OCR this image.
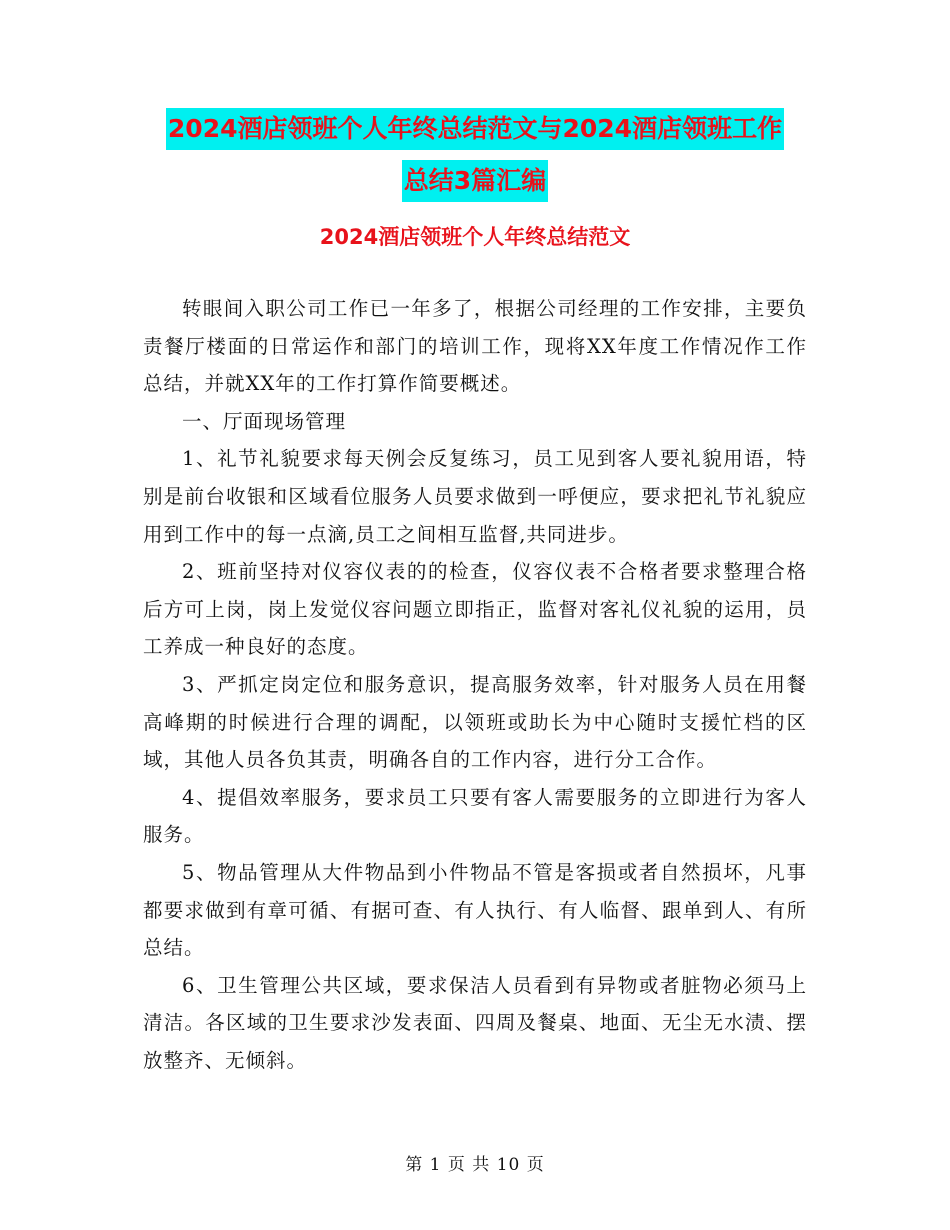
2024酒店领班个人年终总结范文与2024酒店领班工作
总结3篇汇编
2024酒店领班个人年终总结范文

转眼间入职公司工作已一年多了，根据公司经理的工作安排，主要负责餐厅楼面的日常运作和部门的培训工作，现将XX年度工作情况作工作总结，并就XX年的工作打算作简要概述。

一、厅面现场管理

1、礼节礼貌要求每天例会反复练习，员工见到客人要礼貌用语，特别是前台收银和区域看位服务人员要求做到一呼便应，要求把礼节礼貌应用到工作中的每一点滴,员工之间相互监督,共同进步。

2、班前坚持对仪容仪表的的检查，仪容仪表不合格者要求整理合格后方可上岗，岗上发觉仪容问题立即指正，监督对客礼仪礼貌的运用，员工养成一种良好的态度。

3、严抓定岗定位和服务意识，提高服务效率，针对服务人员在用餐高峰期的时候进行合理的调配，以领班或助长为中心随时支援忙档的区域，其他人员各负其责，明确各自的工作内容，进行分工合作。

4、提倡效率服务，要求员工只要有客人需要服务的立即进行为客人服务。

5、物品管理从大件物品到小件物品不管是客损或者自然损坏，凡事都要求做到有章可循、有据可查、有人执行、有人临督、跟单到人、有所总结。

6、卫生管理公共区域，要求保洁人员看到有异物或者脏物必须马上清洁。各区域的卫生要求沙发表面、四周及餐桌、地面、无尘无水渍、摆放整齐、无倾斜。

第 1 页 共 10 页
